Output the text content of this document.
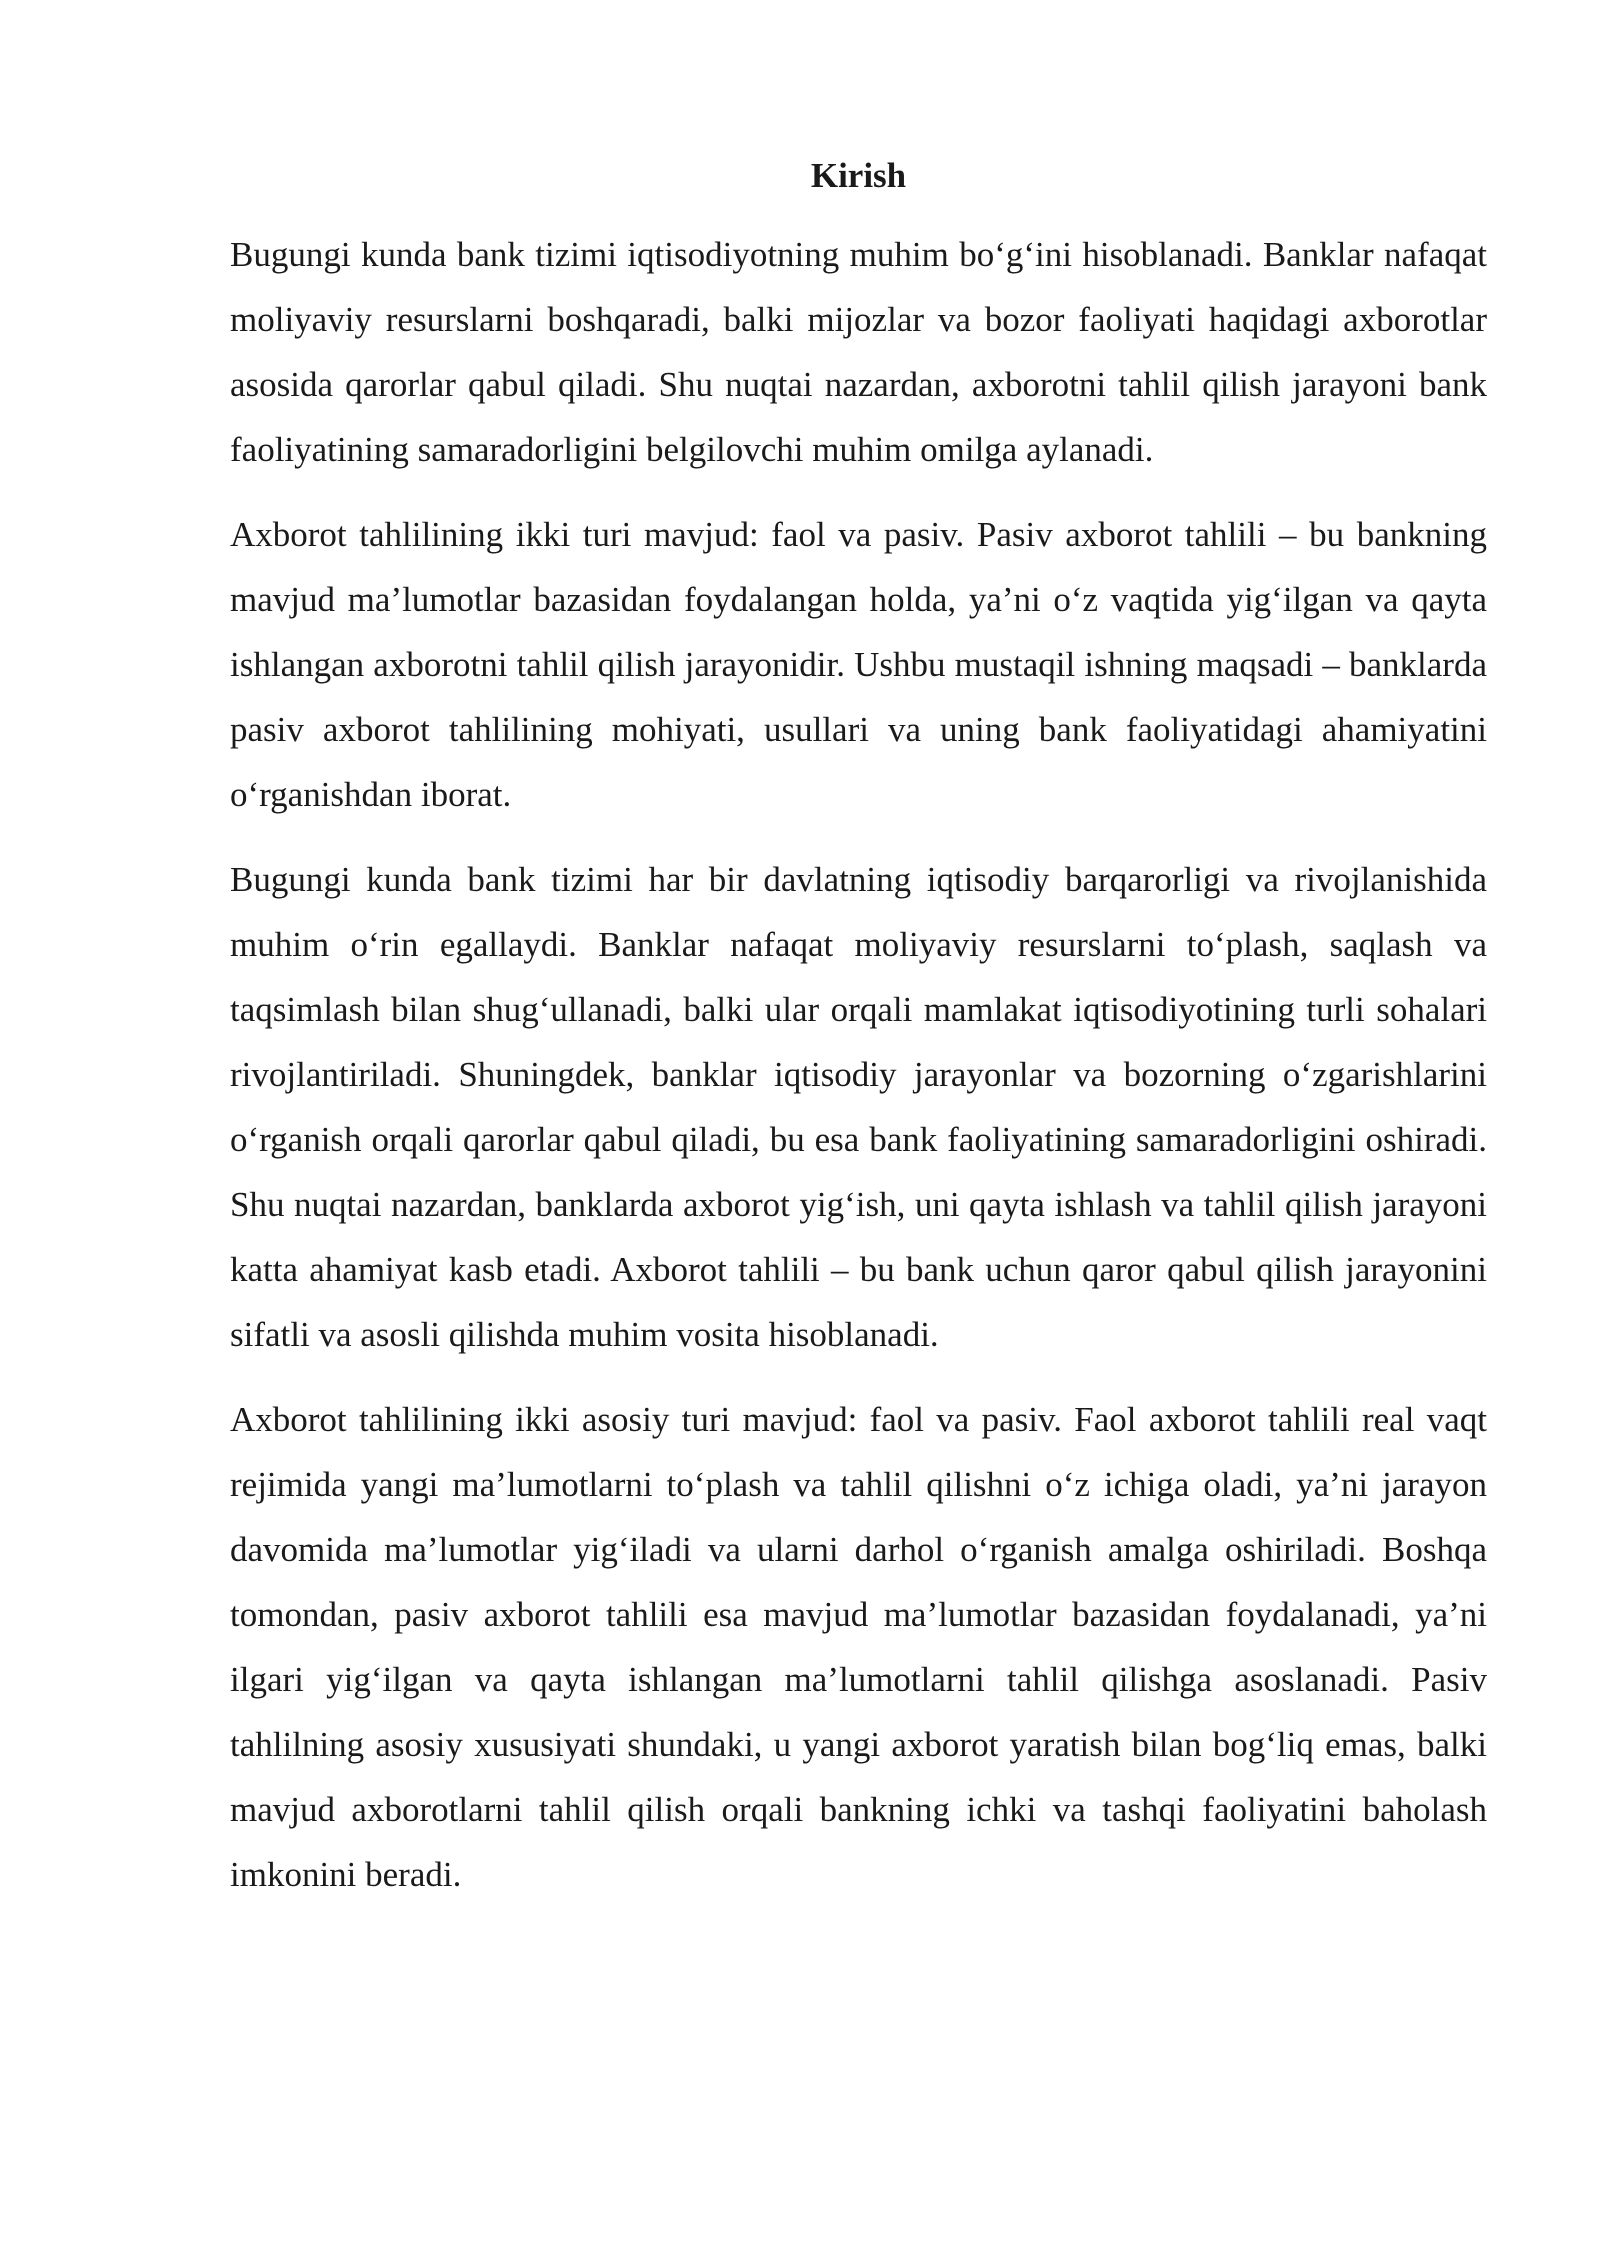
Kirish

Bugungi kunda bank tizimi iqtisodiyotning muhim bo‘g‘ini hisoblanadi. Banklar nafaqat moliyaviy resurslarni boshqaradi, balki mijozlar va bozor faoliyati haqidagi axborotlar asosida qarorlar qabul qiladi. Shu nuqtai nazardan, axborotni tahlil qilish jarayoni bank faoliyatining samaradorligini belgilovchi muhim omilga aylanadi.

Axborot tahlilining ikki turi mavjud: faol va pasiv. Pasiv axborot tahlili – bu bankning mavjud ma’lumotlar bazasidan foydalangan holda, ya’ni o‘z vaqtida yig‘ilgan va qayta ishlangan axborotni tahlil qilish jarayonidir. Ushbu mustaqil ishning maqsadi – banklarda pasiv axborot tahlilining mohiyati, usullari va uning bank faoliyatidagi ahamiyatini o‘rganishdan iborat.

Bugungi kunda bank tizimi har bir davlatning iqtisodiy barqarorligi va rivojlanishida muhim o‘rin egallaydi. Banklar nafaqat moliyaviy resurslarni to‘plash, saqlash va taqsimlash bilan shug‘ullanadi, balki ular orqali mamlakat iqtisodiyotining turli sohalari rivojlantiriladi. Shuningdek, banklar iqtisodiy jarayonlar va bozorning o‘zgarishlarini o‘rganish orqali qarorlar qabul qiladi, bu esa bank faoliyatining samaradorligini oshiradi. Shu nuqtai nazardan, banklarda axborot yig‘ish, uni qayta ishlash va tahlil qilish jarayoni katta ahamiyat kasb etadi. Axborot tahlili – bu bank uchun qaror qabul qilish jarayonini sifatli va asosli qilishda muhim vosita hisoblanadi.

Axborot tahlilining ikki asosiy turi mavjud: faol va pasiv. Faol axborot tahlili real vaqt rejimida yangi ma’lumotlarni to‘plash va tahlil qilishni o‘z ichiga oladi, ya’ni jarayon davomida ma’lumotlar yig‘iladi va ularni darhol o‘rganish amalga oshiriladi. Boshqa tomondan, pasiv axborot tahlili esa mavjud ma’lumotlar bazasidan foydalanadi, ya’ni ilgari yig‘ilgan va qayta ishlangan ma’lumotlarni tahlil qilishga asoslanadi. Pasiv tahlilning asosiy xususiyati shundaki, u yangi axborot yaratish bilan bog‘liq emas, balki mavjud axborotlarni tahlil qilish orqali bankning ichki va tashqi faoliyatini baholash imkonini beradi.
